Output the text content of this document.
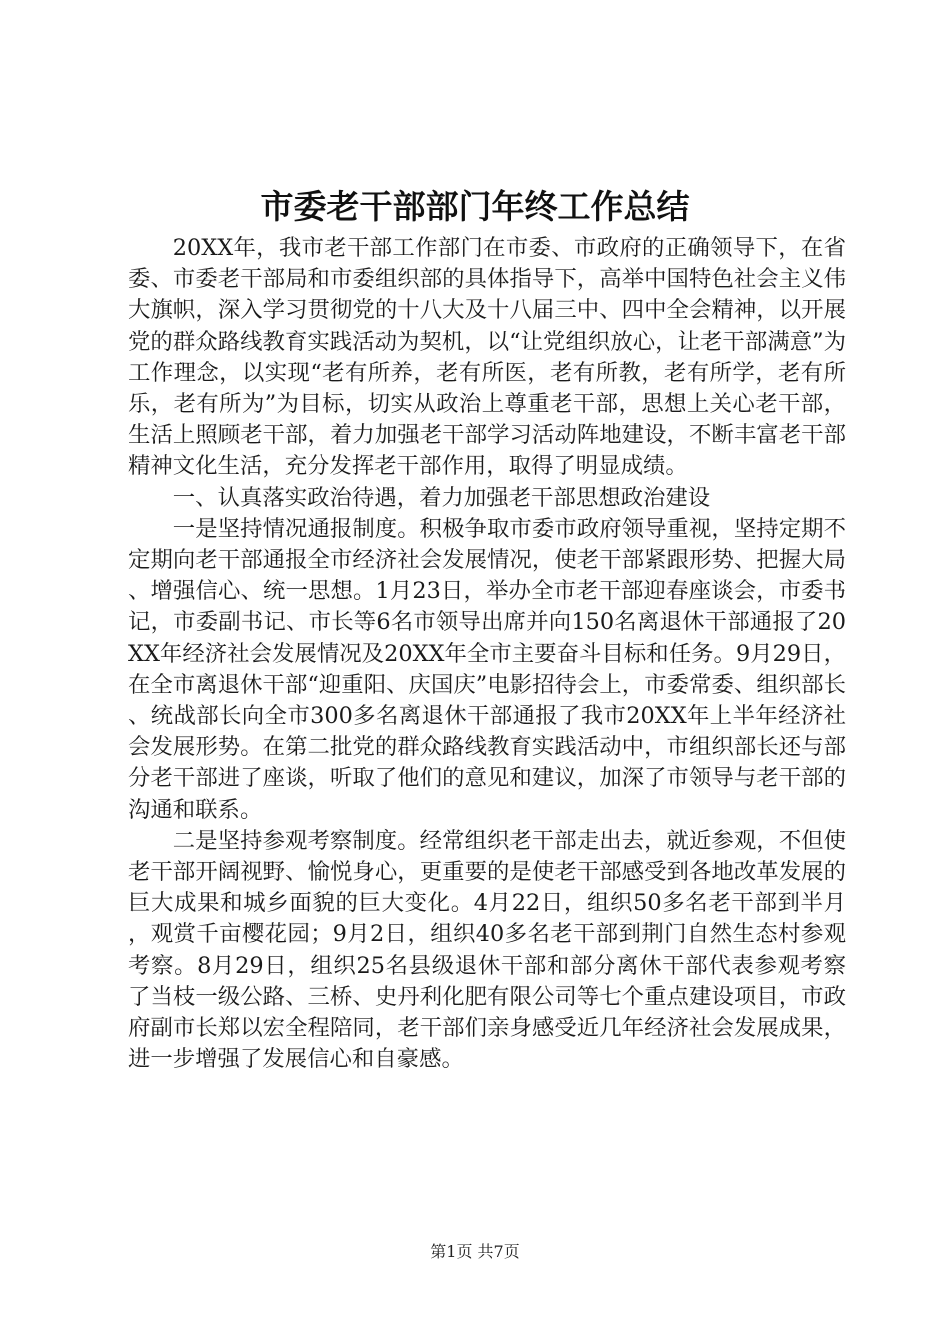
市委老干部部门年终工作总结

20XX年，我市老干部工作部门在市委、市政府的正确领导下，在省委、市委老干部局和市委组织部的具体指导下，高举中国特色社会主义伟大旗帜，深入学习贯彻党的十八大及十八届三中、四中全会精神，以开展党的群众路线教育实践活动为契机，以“让党组织放心，让老干部满意”为工作理念，以实现“老有所养，老有所医，老有所教，老有所学，老有所乐，老有所为”为目标，切实从政治上尊重老干部，思想上关心老干部，生活上照顾老干部，着力加强老干部学习活动阵地建设，不断丰富老干部精神文化生活，充分发挥老干部作用，取得了明显成绩。

一、认真落实政治待遇，着力加强老干部思想政治建设

一是坚持情况通报制度。积极争取市委市政府领导重视，坚持定期不定期向老干部通报全市经济社会发展情况，使老干部紧跟形势、把握大局、增强信心、统一思想。1月23日，举办全市老干部迎春座谈会，市委书记，市委副书记、市长等6名市领导出席并向150名离退休干部通报了20XX年经济社会发展情况及20XX年全市主要奋斗目标和任务。9月29日，在全市离退休干部“迎重阳、庆国庆”电影招待会上，市委常委、组织部长、统战部长向全市300多名离退休干部通报了我市20XX年上半年经济社会发展形势。在第二批党的群众路线教育实践活动中，市组织部长还与部分老干部进了座谈，听取了他们的意见和建议，加深了市领导与老干部的沟通和联系。

二是坚持参观考察制度。经常组织老干部走出去，就近参观，不但使老干部开阔视野、愉悦身心，更重要的是使老干部感受到各地改革发展的巨大成果和城乡面貌的巨大变化。4月22日，组织50多名老干部到半月，观赏千亩樱花园；9月2日，组织40多名老干部到荆门自然生态村参观考察。8月29日，组织25名县级退休干部和部分离休干部代表参观考察了当枝一级公路、三桥、史丹利化肥有限公司等七个重点建设项目，市政府副市长郑以宏全程陪同，老干部们亲身感受近几年经济社会发展成果，进一步增强了发展信心和自豪感。

第1页 共7页
